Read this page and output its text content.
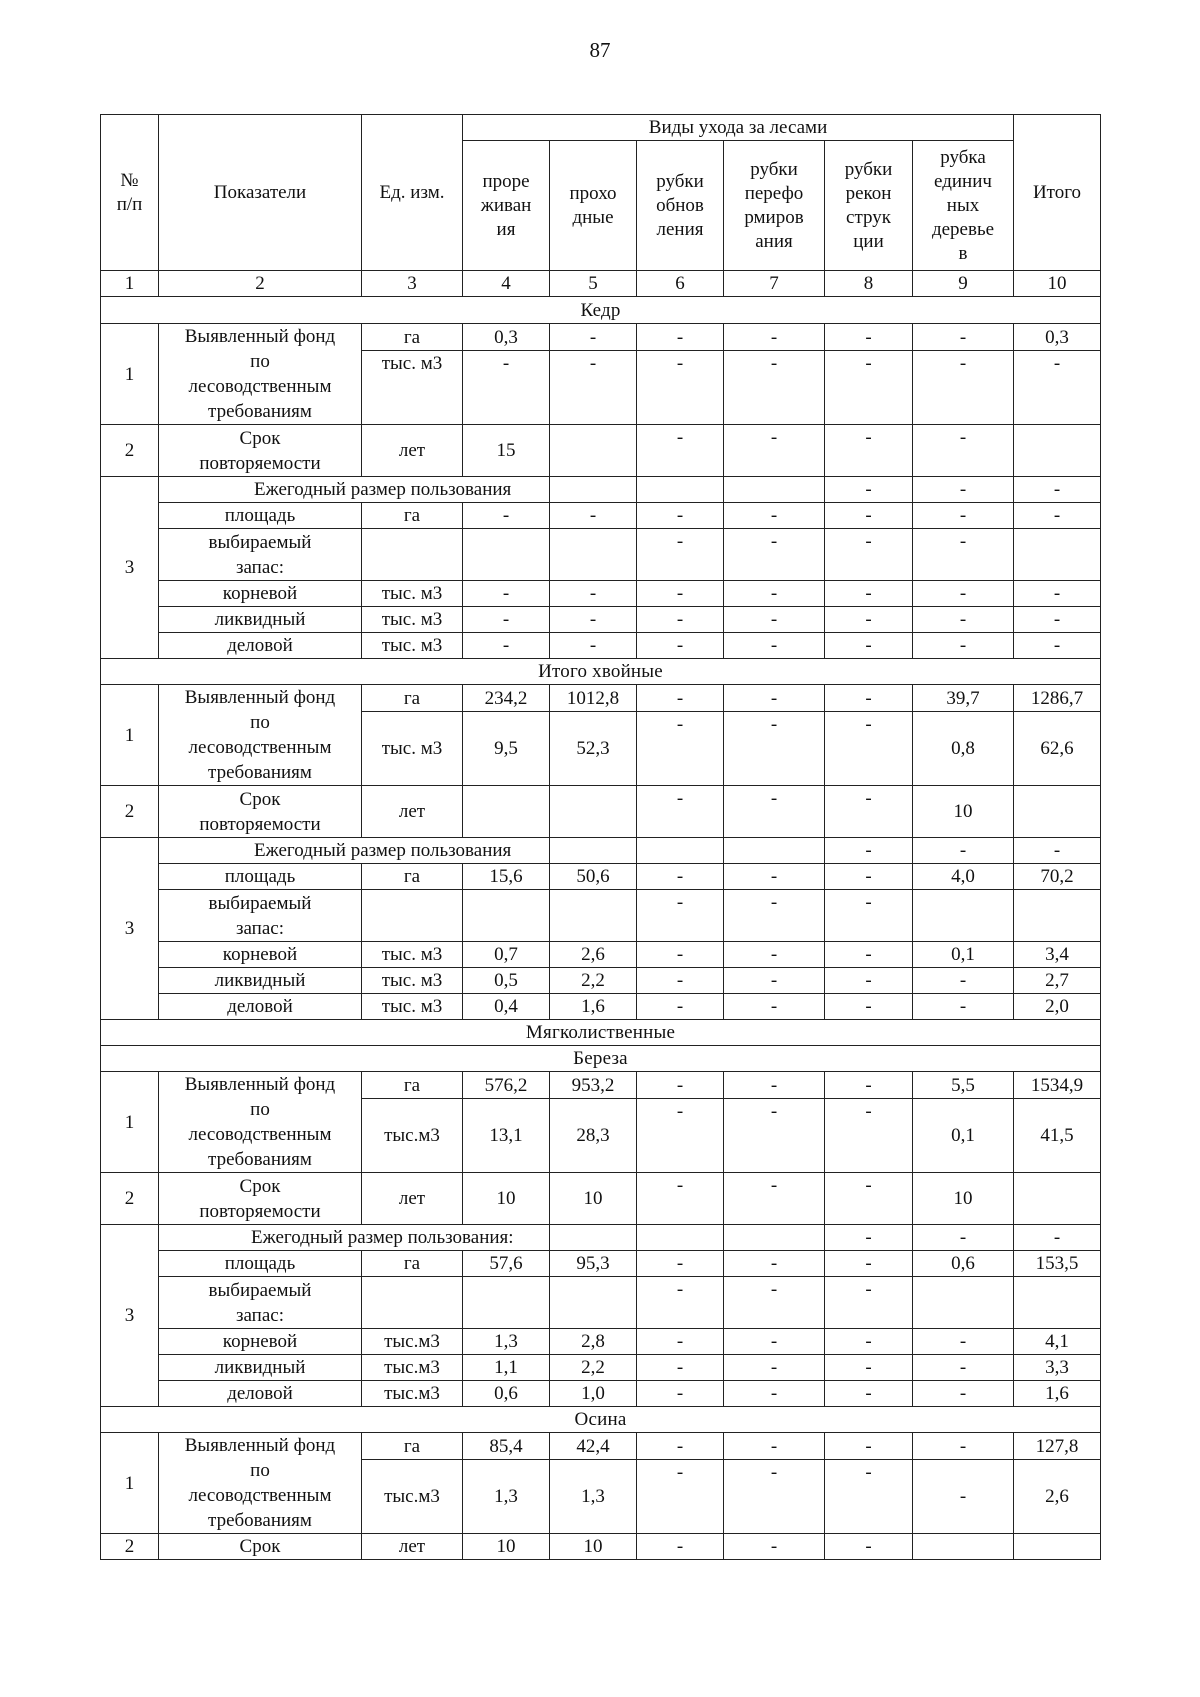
87
№
п/п	Показатели	Ед. изм.	Виды ухода за лесами						Итого
			проре
живан
ия	прохо
дные	рубки
обнов
ления	рубки
перефо
рмиров
ания	рубки
рекон
струк
ции	рубка
единич
ных
деревье
в	
1	2	3	4	5	6	7	8	9	10
Кедр									
1	Выявленный фонд
по
лесоводственным
требованиям	га	0,3	-	-	-	-	-	0,3
		тыс. м3	-	-	-	-	-	-	-
2	Срок
повторяемости	лет	15		-	-	-	-	
3	Ежегодный размер пользования						-	-	-
	площадь	га	-	-	-	-	-	-	-
	выбираемый
запас:				-	-	-	-	
	корневой	тыс. м3	-	-	-	-	-	-	-
	ликвидный	тыс. м3	-	-	-	-	-	-	-
	деловой	тыс. м3	-	-	-	-	-	-	-
Итого хвойные									
1	Выявленный фонд
по
лесоводственным
требованиям	га	234,2	1012,8	-	-	-	39,7	1286,7
		тыс. м3	9,5	52,3	-	-	-	0,8	62,6
2	Срок
повторяемости	лет			-	-	-	10	
3	Ежегодный размер пользования						-	-	-
	площадь	га	15,6	50,6	-	-	-	4,0	70,2
	выбираемый
запас:				-	-	-		
	корневой	тыс. м3	0,7	2,6	-	-	-	0,1	3,4
	ликвидный	тыс. м3	0,5	2,2	-	-	-	-	2,7
	деловой	тыс. м3	0,4	1,6	-	-	-	-	2,0
Мягколиственные									
Береза									
1	Выявленный фонд
по
лесоводственным
требованиям	га	576,2	953,2	-	-	-	5,5	1534,9
		тыс.м3	13,1	28,3	-	-	-	0,1	41,5
2	Срок
повторяемости	лет	10	10	-	-	-	10	
3	Ежегодный размер пользования:						-	-	-
	площадь	га	57,6	95,3	-	-	-	0,6	153,5
	выбираемый
запас:				-	-	-		
	корневой	тыс.м3	1,3	2,8	-	-	-	-	4,1
	ликвидный	тыс.м3	1,1	2,2	-	-	-	-	3,3
	деловой	тыс.м3	0,6	1,0	-	-	-	-	1,6
Осина									
1	Выявленный фонд
по
лесоводственным
требованиям	га	85,4	42,4	-	-	-	-	127,8
		тыс.м3	1,3	1,3	-	-	-	-	2,6
2	Срок	лет	10	10	-	-	-		
